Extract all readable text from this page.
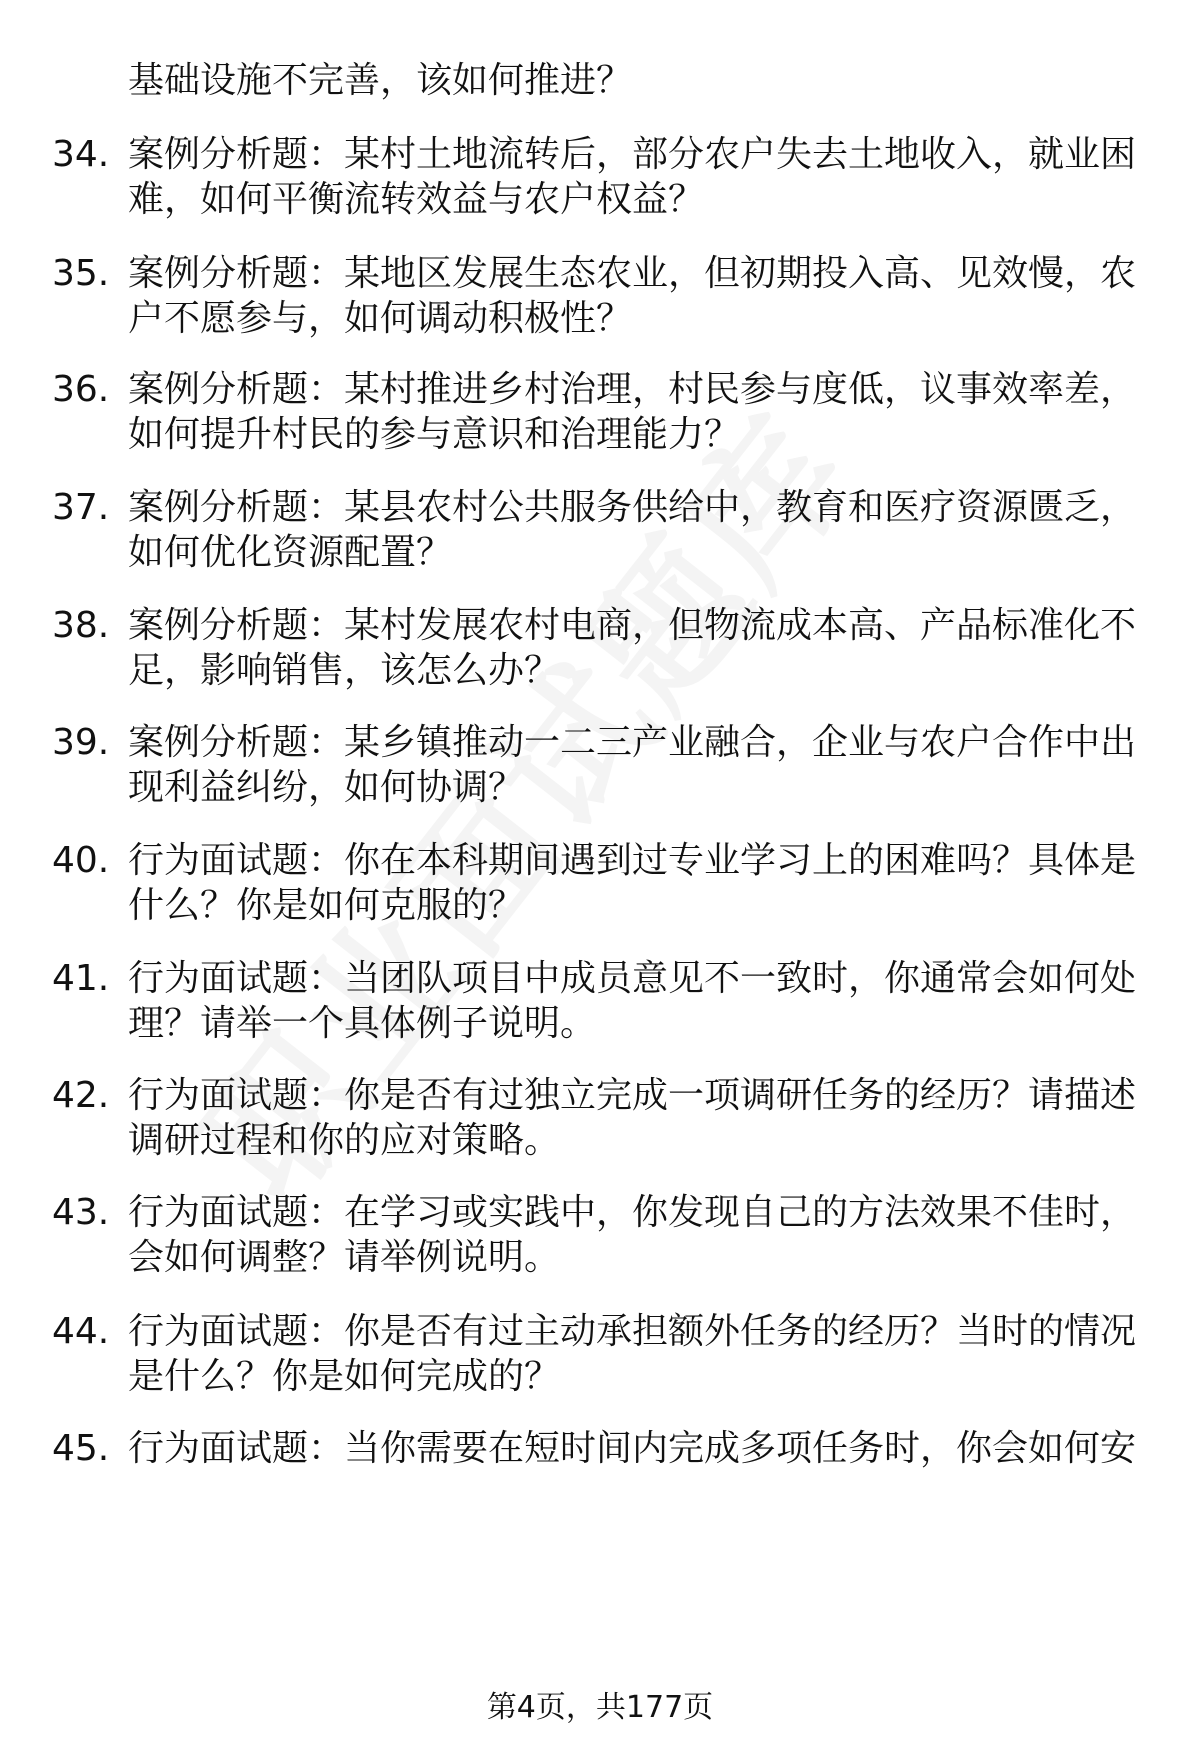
基础设施不完善，该如何推进？
34. 案例分析题：某村土地流转后，部分农户失去土地收入，就业困难，如何平衡流转效益与农户权益？
35. 案例分析题：某地区发展生态农业，但初期投入高、见效慢，农户不愿参与，如何调动积极性？
36. 案例分析题：某村推进乡村治理，村民参与度低，议事效率差，如何提升村民的参与意识和治理能力？
37. 案例分析题：某县农村公共服务供给中，教育和医疗资源匮乏，如何优化资源配置？
38. 案例分析题：某村发展农村电商，但物流成本高、产品标准化不足，影响销售，该怎么办？
39. 案例分析题：某乡镇推动一二三产业融合，企业与农户合作中出现利益纠纷，如何协调？
40. 行为面试题：你在本科期间遇到过专业学习上的困难吗？具体是什么？你是如何克服的？
41. 行为面试题：当团队项目中成员意见不一致时，你通常会如何处理？请举一个具体例子说明。
42. 行为面试题：你是否有过独立完成一项调研任务的经历？请描述调研过程和你的应对策略。
43. 行为面试题：在学习或实践中，你发现自己的方法效果不佳时，会如何调整？请举例说明。
44. 行为面试题：你是否有过主动承担额外任务的经历？当时的情况是什么？你是如何完成的？
45. 行为面试题：当你需要在短时间内完成多项任务时，你会如何安
第4页，共177页
